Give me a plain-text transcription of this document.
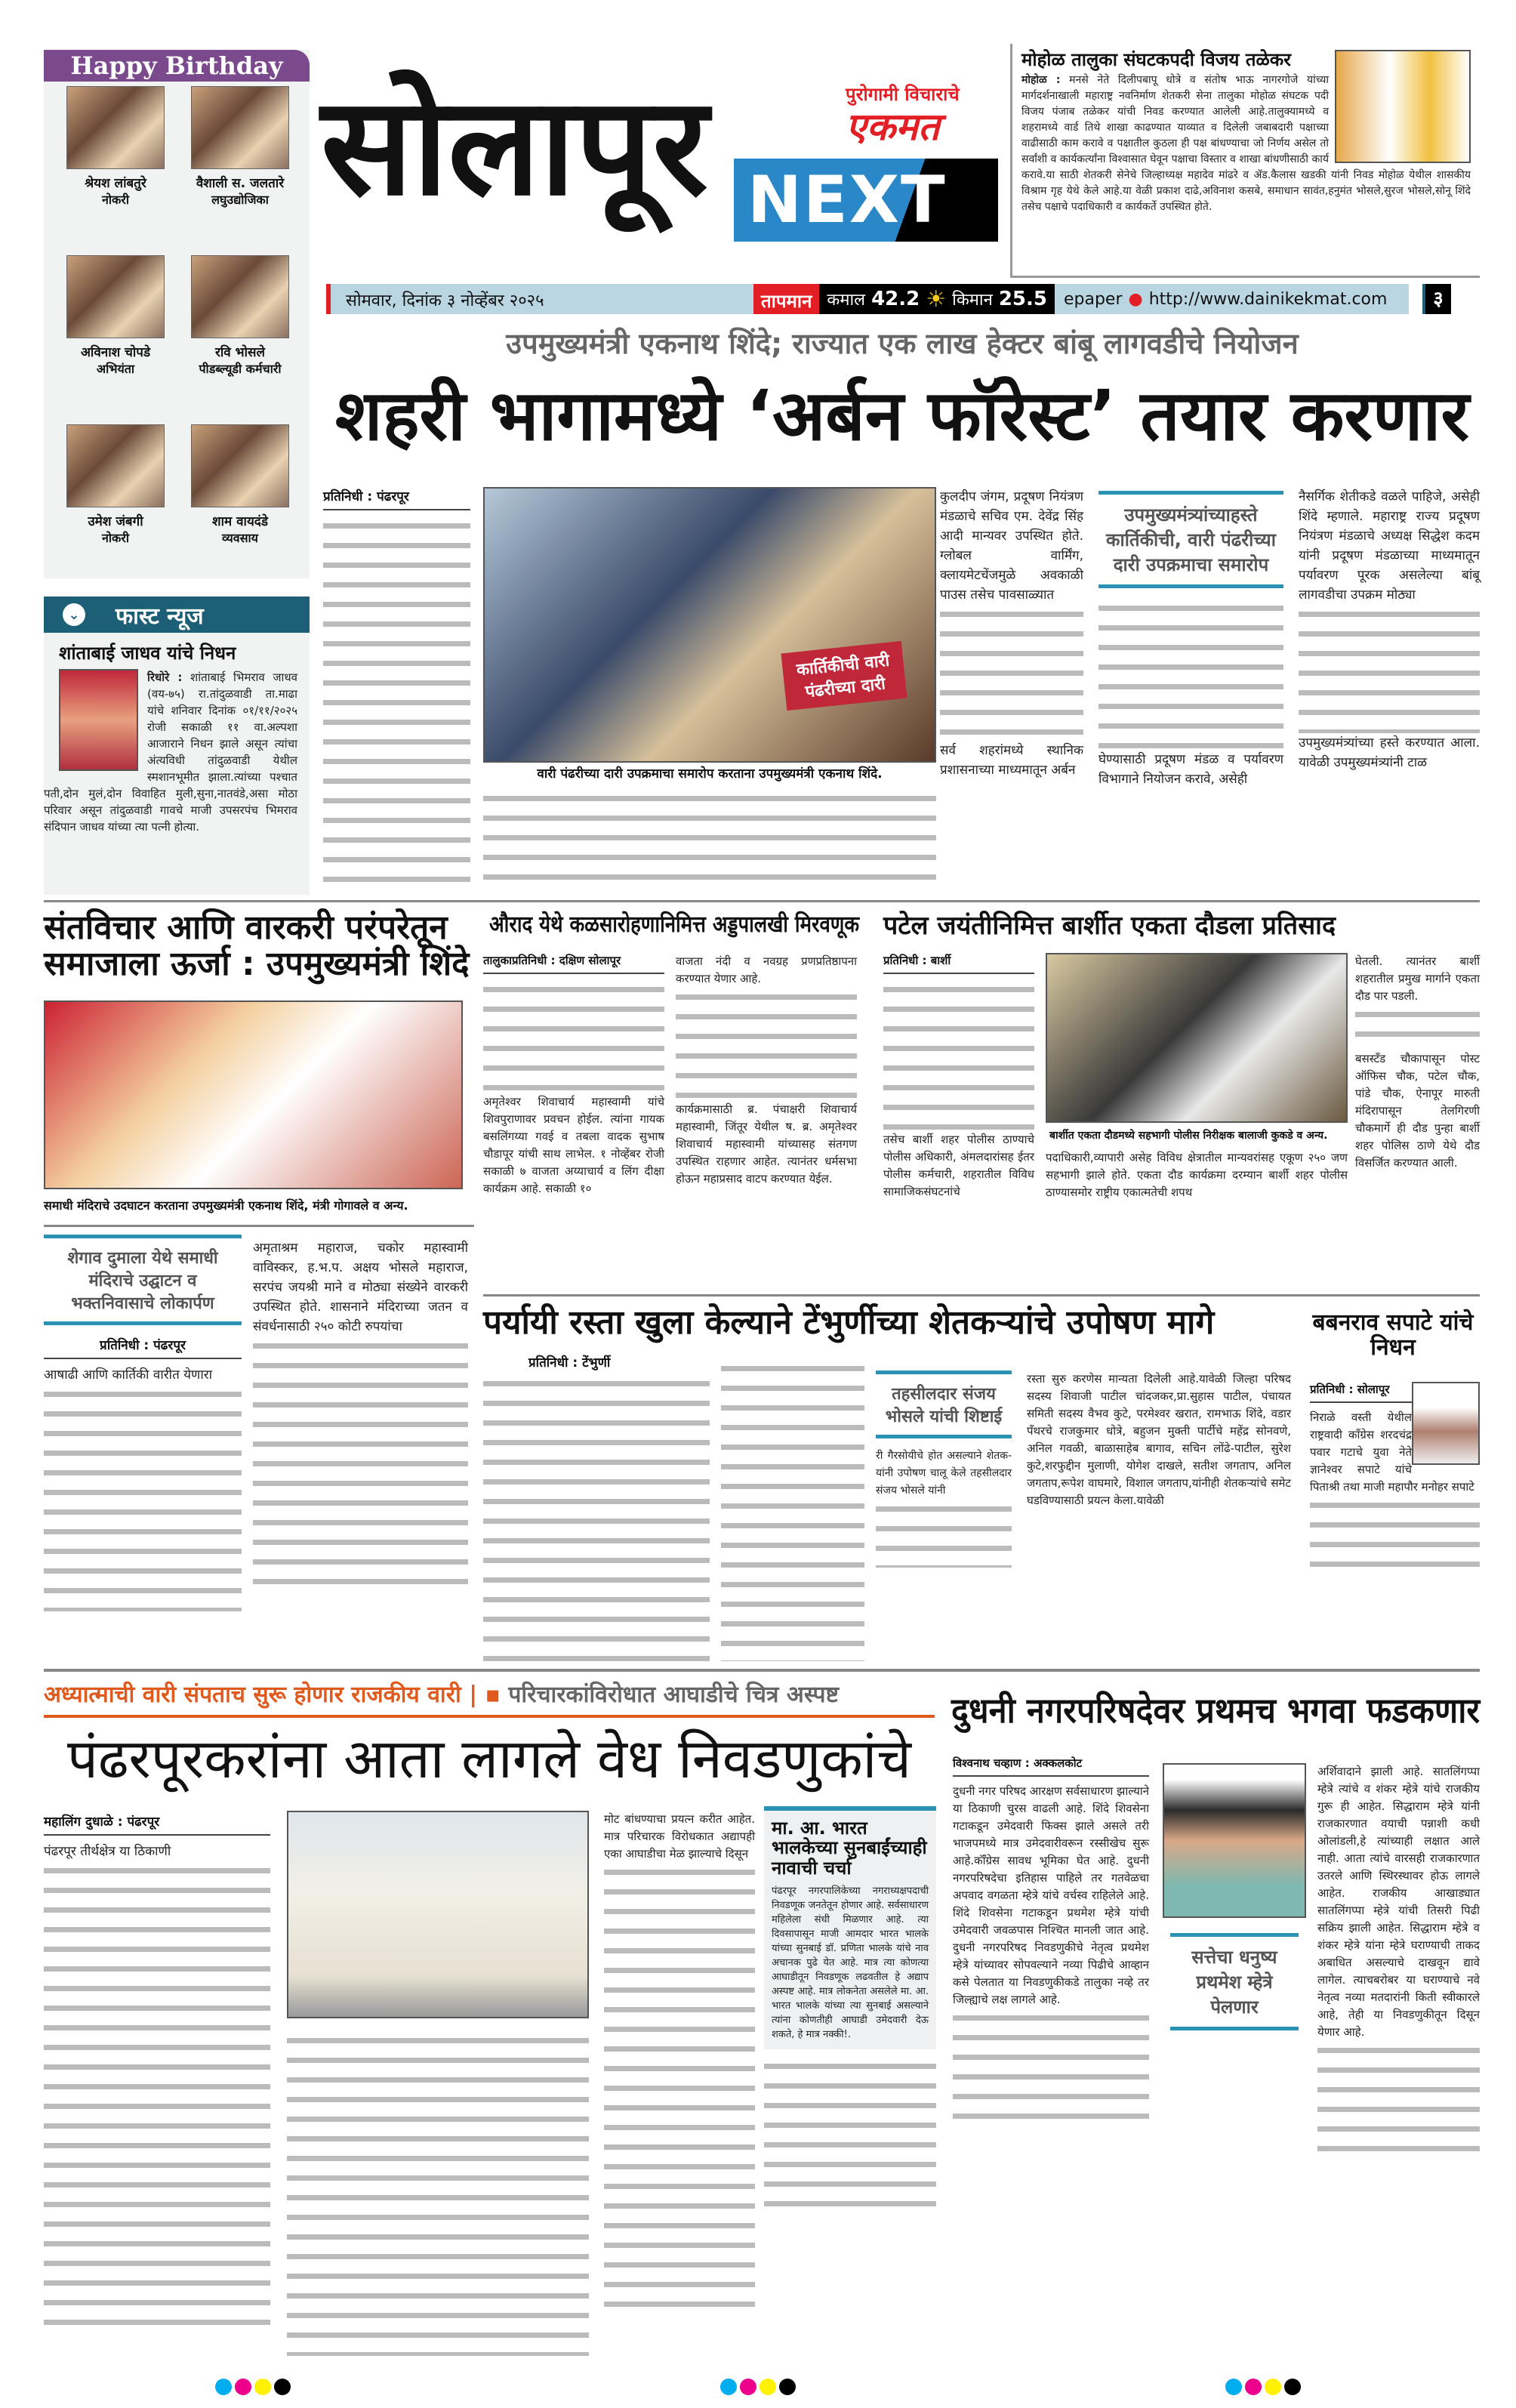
Happy Birthday
श्रेयश लांबतुरे
नोकरी
वैशाली स. जलतारे
लघुउद्योजिका
अविनाश चोपडे
अभियंता
रवि भोसले
पीडब्ल्यूडी कर्मचारी
उमेश जंबगी
नोकरी
शाम वायदंडे
व्यवसाय
⌄ फास्ट न्यूज
शांताबाई जाधव यांचे निधन
रिधोरे : शांताबाई भिमराव जाधव (वय-७५) रा.तांदुळवाडी ता.माढा यांचे शनिवार दिनांक ०१/११/२०२५ रोजी सकाळी ११ वा.अल्पशा आजाराने निधन झाले असून त्यांचा अंत्यविधी तांदुळवाडी येथील स्मशानभूमीत झाला.त्यांच्या पश्चात पती,दोन मुलं,दोन विवाहित मुली,सुना,नातवंडे,असा मोठा परिवार असून तांदुळवाडी गावचे माजी उपसरपंच भिमराव संदिपान जाधव यांच्या त्या पत्नी होत्या.
सोलापूर	पुरोगामी विचाराचे
एकमत
NEXT
मोहोळ तालुका संघटकपदी विजय तळेकर
मोहोळ : मनसे नेते दिलीपबापू धोत्रे व संतोष भाऊ नागरगोजे यांच्या मार्गदर्शनाखाली महाराष्ट्र नवनिर्माण शेतकरी सेना तालुका मोहोळ संघटक पदी विजय पंजाब तळेकर यांची निवड करण्यात आलेली आहे.तालुक्यामध्ये व शहरामध्ये वार्ड तिथे शाखा काढण्यात याव्यात व दिलेली जबाबदारी पक्षाच्या वाढीसाठी काम करावे व पक्षातील कुठला ही पक्ष बांधण्याचा जो निर्णय असेल तो सर्वांशी व कार्यकर्त्यांना विश्वासात घेवून पक्षाचा विस्तार व शाखा बांधणीसाठी कार्य करावे.या साठी शेतकरी सेनेचे जिल्हाध्यक्ष महादेव मांढरे व ॲड.कैलास खडकी यांनी निवड मोहोळ येथील शासकीय विश्राम गृह येथे केले आहे.या वेळी प्रकाश दाढे,अविनाश कसबे, समाधान सावंत,हनुमंत भोसले,सुरज भोसले,सोनू शिंदे तसेच पक्षाचे पदाधिकारी व कार्यकर्ते उपस्थित होते.
सोमवार, दिनांक ३ नोव्हेंबर २०२५	तापमान कमाल 42.2 ☀ किमान 25.5 epaper ● http://www.dainikekmat.com	३
उपमुख्यमंत्री एकनाथ शिंदे; राज्यात एक लाख हेक्टर बांबू लागवडीचे नियोजन
शहरी भागामध्ये ‘अर्बन फॉरेस्ट’ तयार करणार
प्रतिनिधी : पंढरपूर
कार्तिकीची वारी पंढरीच्या दारी
वारी पंढरीच्या दारी उपक्रमाचा समारोप करताना उपमुख्यमंत्री एकनाथ शिंदे.
कुलदीप जंगम, प्रदूषण नियंत्रण मंडळाचे सचिव एम. देवेंद्र सिंह आदी मान्यवर उपस्थित होते. ग्लोबल वार्मिंग, क्लायमेटचेंजमुळे अवकाळी पाउस तसेच पावसाळ्यात
सर्व शहरांमध्ये स्थानिक प्रशासनाच्या माध्यमातून अर्बन
उपमुख्यमंत्र्यांच्याहस्ते कार्तिकीची, वारी पंढरीच्या दारी उपक्रमाचा समारोप
घेण्यासाठी प्रदूषण मंडळ व पर्यावरण विभागाने नियोजन करावे, असेही
नैसर्गिक शेतीकडे वळले पाहिजे, असेही शिंदे म्हणाले. महाराष्ट्र राज्य प्रदूषण नियंत्रण मंडळाचे अध्यक्ष सिद्धेश कदम यांनी प्रदूषण मंडळाच्या माध्यमातून पर्यावरण पूरक असलेल्या बांबू लागवडीचा उपक्रम मोठ्या
उपमुख्यमंत्र्यांच्या हस्ते करण्यात आला. यावेळी उपमुख्यमंत्र्यांनी टाळ
संतविचार आणि वारकरी परंपरेतून समाजाला ऊर्जा : उपमुख्यमंत्री शिंदे
समाधी मंदिराचे उदघाटन करताना उपमुख्यमंत्री एकनाथ शिंदे, मंत्री गोगावले व अन्य.
शेगाव दुमाला येथे समाधी मंदिराचे उद्घाटन व भक्तनिवासाचे लोकार्पण
प्रतिनिधी : पंढरपूर
आषाढी आणि कार्तिकी वारीत येणारा
अमृताश्रम महाराज, चकोर महास्वामी वाविस्कर, ह.भ.प. अक्षय भोसले महाराज, सरपंच जयश्री माने व मोठ्या संख्येने वारकरी उपस्थित होते. शासनाने मंदिराच्या जतन व संवर्धनासाठी २५० कोटी रुपयांचा
औराद येथे कळसारोहणानिमित्त अड्डपालखी मिरवणूक
तालुकाप्रतिनिधी : दक्षिण सोलापूर
अमृतेश्वर शिवाचार्य महास्वामी यांचे शिवपुराणावर प्रवचन होईल. त्यांना गायक बसलिंगय्या गवई व तबला वादक सुभाष चौडापूर यांची साथ लाभेल. १ नोव्हेंबर रोजी सकाळी ७ वाजता अय्याचार्य व लिंग दीक्षा कार्यक्रम आहे. सकाळी १०
वाजता नंदी व नवग्रह प्रणप्रतिष्ठापना करण्यात येणार आहे.
कार्यक्रमासाठी ब्र. पंचाक्षरी शिवाचार्य महास्वामी, जिंतूर येथील ष. ब्र. अमृतेश्वर शिवाचार्य महास्वामी यांच्यासह संतगण उपस्थित राहणार आहेत. त्यानंतर धर्मसभा होऊन महाप्रसाद वाटप करण्यात येईल.
पटेल जयंतीनिमित्त बार्शीत एकता दौडला प्रतिसाद
प्रतिनिधी : बार्शी
तसेच बार्शी शहर पोलीस ठाण्याचे पोलीस अधिकारी, अंमलदारांसह ईतर पोलीस कर्मचारी, शहरातील विविध सामाजिकसंघटनांचे
बार्शीत एकता दौडमध्ये सहभागी पोलीस निरीक्षक बालाजी कुकडे व अन्य.
पदाधिकारी,व्यापारी असेह विविध क्षेत्रातील मान्यवरांसह एकूण २५० जण सहभागी झाले होते. एकता दौड कार्यक्रमा दरम्यान बार्शी शहर पोलीस ठाण्यासमोर राष्ट्रीय एकात्मतेची शपथ
घेतली. त्यानंतर बार्शी शहरातील प्रमुख मार्गाने एकता दौड पार पडली.
बसस्टँड चौकापासून पोस्ट ऑफिस चौक, पटेल चौक, पांडे चौक, ऐनापूर मारुती मंदिरापासून तेलगिरणी चौकमार्गे ही दौड पुन्हा बार्शी शहर पोलिस ठाणे येथे दौड विसर्जित करण्यात आली.
पर्यायी रस्ता खुला केल्याने टेंभुर्णीच्या शेतकऱ्यांचे उपोषण मागे
प्रतिनिधी : टेंभुर्णी
तहसीलदार संजय भोसले यांची शिष्टाई
री गैरसोयीचे होत असल्याने शेतक-यांनी उपोषण चालू केले तहसीलदार संजय भोसले यांनी
रस्ता सुरु करणेस मान्यता दिलेली आहे.यावेळी जिल्हा परिषद सदस्य शिवाजी पाटील चांदजकर,प्रा.सुहास पाटील, पंचायत समिती सदस्य वैभव कुटे, परमेश्वर खरात, रामभाऊ शिंदे, वडार पँथरचे राजकुमार धोत्रे, बहुजन मुक्ती पार्टीचे महेंद्र सोनवणे, अनिल गवळी, बाळासाहेब बागाव, सचिन लोंढे-पाटील, सुरेश कुटे,शरफुद्दीन मुलाणी, योगेश दाखले, सतीश जगताप, अनिल जगताप,रूपेश वाघमारे, विशाल जगताप,यांनीही शेतकऱ्यांचे समेट घडविण्यासाठी प्रयत्न केला.यावेळी
बबनराव सपाटे यांचे निधन
प्रतिनिधी : सोलापूर
निराळे वस्ती येथील राष्ट्रवादी काँग्रेस शरदचंद्र पवार गटाचे युवा नेते ज्ञानेश्वर सपाटे यांचे पिताश्री तथा माजी महापौर मनोहर सपाटे
अध्यात्माची वारी संपताच सुरू होणार राजकीय वारी | ▪ परिचारकांविरोधात आघाडीचे चित्र अस्पष्ट
पंढरपूरकरांना आता लागले वेध निवडणुकांचे
महालिंग दुधाळे : पंढरपूर
पंढरपूर तीर्थक्षेत्र या ठिकाणी
मोट बांधण्याचा प्रयत्न करीत आहेत. मात्र परिचारक विरोधकात अद्यापही एका आघाडीचा मेळ झाल्याचे दिसून
मा. आ. भारत भालकेच्या सुनबाईंच्याही नावाची चर्चा
पंढरपूर नगरपालिकेच्या नगराध्यक्षपदाची निवडणूक जनतेतून होणार आहे. सर्वसाधारण महिलेला संधी मिळणार आहे. त्या दिवसापासून माजी आमदार भारत भालके यांच्या सुनबाई डॉ. प्रणिता भालके यांचे नाव अचानक पुढे येत आहे. मात्र त्या कोणत्या आघाडीतून निवडणूक लढवतील हे अद्याप अस्पष्ट आहे. मात्र लोकनेता असलेले मा. आ. भारत भालके यांच्या त्या सुनबाई असल्याने त्यांना कोणतीही आघाडी उमेदवारी देऊ शकते, हे मात्र नक्की!.
दुधनी नगरपरिषदेवर प्रथमच भगवा फडकणार
विश्वनाथ चव्हाण : अक्कलकोट
दुधनी नगर परिषद आरक्षण सर्वसाधारण झाल्याने या ठिकाणी चुरस वाढली आहे. शिंदे शिवसेना गटाकडून उमेदवारी फिक्स झाले असले तरी भाजपमध्ये मात्र उमेदवारीवरून रस्सीखेच सुरू आहे.कॉँग्रेस सावध भूमिका घेत आहे. दुधनी नगरपरिषदेचा इतिहास पाहिले तर गतवेळचा अपवाद वगळता म्हेत्रे यांचे वर्चस्व राहिलेले आहे. शिंदे शिवसेना गटाकडून प्रथमेश म्हेत्रे यांची उमेदवारी जवळपास निश्चित मानली जात आहे. दुधनी नगरपरिषद निवडणुकीचे नेतृत्व प्रथमेश म्हेत्रे यांच्यावर सोपवल्याने नव्या पिढीचे आव्हान कसे पेलतात या निवडणुकीकडे तालुका नव्हे तर जिल्ह्याचे लक्ष लागले आहे.
सत्तेचा धनुष्य प्रथमेश म्हेत्रे पेलणार
अर्शिवादाने झाली आहे. सातलिंगप्पा म्हेत्रे त्यांचे व शंकर म्हेत्रे यांचे राजकीय गुरू ही आहेत. सिद्धाराम म्हेत्रे यांनी राजकारणात वयाची पन्नाशी कधी ओलांडली,हे त्यांच्याही लक्षात आले नाही. आता त्यांचे वारसही राजकारणात उतरले आणि स्थिरस्थावर होऊ लागले आहेत. राजकीय आखाड्यात सातलिंगप्पा म्हेत्रे यांची तिसरी पिढी सक्रिय झाली आहेत. सिद्धाराम म्हेत्रे व शंकर म्हेत्रे यांना म्हेत्रे घराण्याची ताकद अबाधित असल्याचे दाखवून द्यावे लागेल. त्याचबरोबर या घराण्याचे नवे नेतृत्व नव्या मतदारांनी किती स्वीकारले आहे, तेही या निवडणुकीतून दिसून येणार आहे.
